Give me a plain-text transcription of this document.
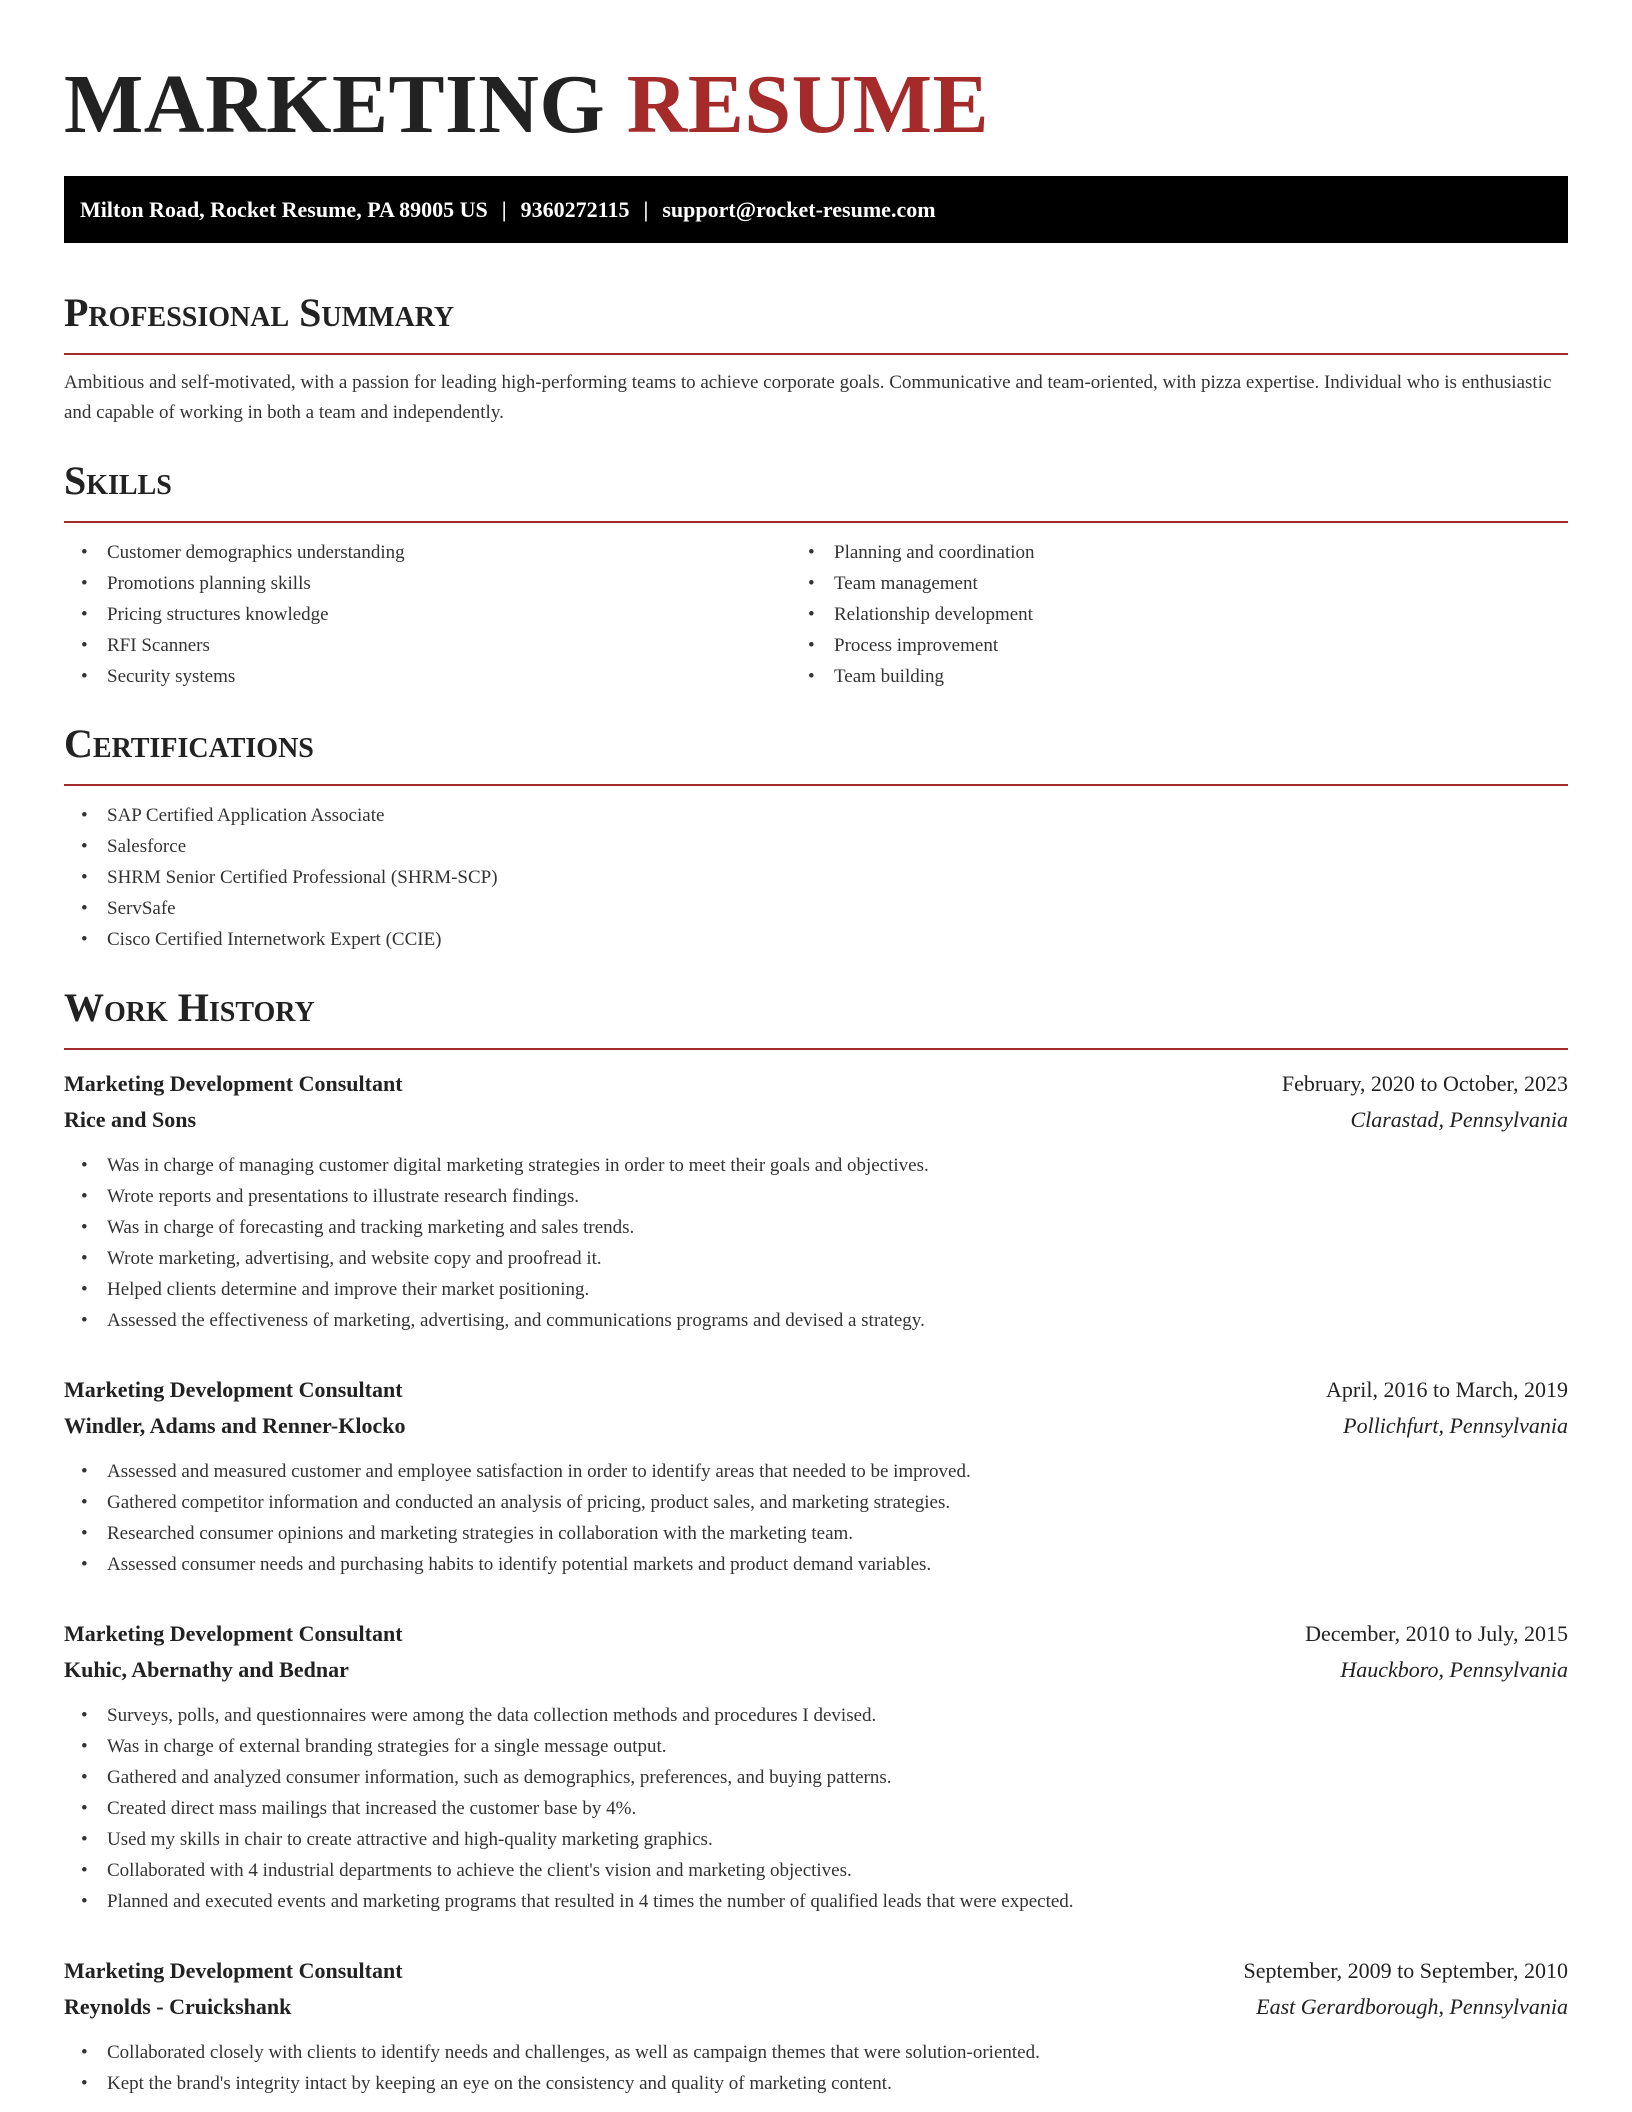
MARKETING RESUME
Milton Road, Rocket Resume, PA 89005 US | 9360272115 | support@rocket-resume.com
Professional Summary

Ambitious and self-motivated, with a passion for leading high-performing teams to achieve corporate goals. Communicative and team-oriented, with pizza expertise. Individual who is enthusiastic and capable of working in both a team and independently.

Skills
• Customer demographics understanding
• Promotions planning skills
• Pricing structures knowledge
• RFI Scanners
• Security systems
• Planning and coordination
• Team management
• Relationship development
• Process improvement
• Team building
Certifications
• SAP Certified Application Associate
• Salesforce
• SHRM Senior Certified Professional (SHRM-SCP)
• ServSafe
• Cisco Certified Internetwork Expert (CCIE)
Work History
Marketing Development Consultant	February, 2020 to October, 2023
Rice and Sons	Clarastad, Pennsylvania
• Was in charge of managing customer digital marketing strategies in order to meet their goals and objectives.
• Wrote reports and presentations to illustrate research findings.
• Was in charge of forecasting and tracking marketing and sales trends.
• Wrote marketing, advertising, and website copy and proofread it.
• Helped clients determine and improve their market positioning.
• Assessed the effectiveness of marketing, advertising, and communications programs and devised a strategy.
Marketing Development Consultant	April, 2016 to March, 2019
Windler, Adams and Renner-Klocko	Pollichfurt, Pennsylvania
• Assessed and measured customer and employee satisfaction in order to identify areas that needed to be improved.
• Gathered competitor information and conducted an analysis of pricing, product sales, and marketing strategies.
• Researched consumer opinions and marketing strategies in collaboration with the marketing team.
• Assessed consumer needs and purchasing habits to identify potential markets and product demand variables.
Marketing Development Consultant	December, 2010 to July, 2015
Kuhic, Abernathy and Bednar	Hauckboro, Pennsylvania
• Surveys, polls, and questionnaires were among the data collection methods and procedures I devised.
• Was in charge of external branding strategies for a single message output.
• Gathered and analyzed consumer information, such as demographics, preferences, and buying patterns.
• Created direct mass mailings that increased the customer base by 4%.
• Used my skills in chair to create attractive and high-quality marketing graphics.
• Collaborated with 4 industrial departments to achieve the client's vision and marketing objectives.
• Planned and executed events and marketing programs that resulted in 4 times the number of qualified leads that were expected.
Marketing Development Consultant	September, 2009 to September, 2010
Reynolds - Cruickshank	East Gerardborough, Pennsylvania
• Collaborated closely with clients to identify needs and challenges, as well as campaign themes that were solution-oriented.
• Kept the brand's integrity intact by keeping an eye on the consistency and quality of marketing content.
